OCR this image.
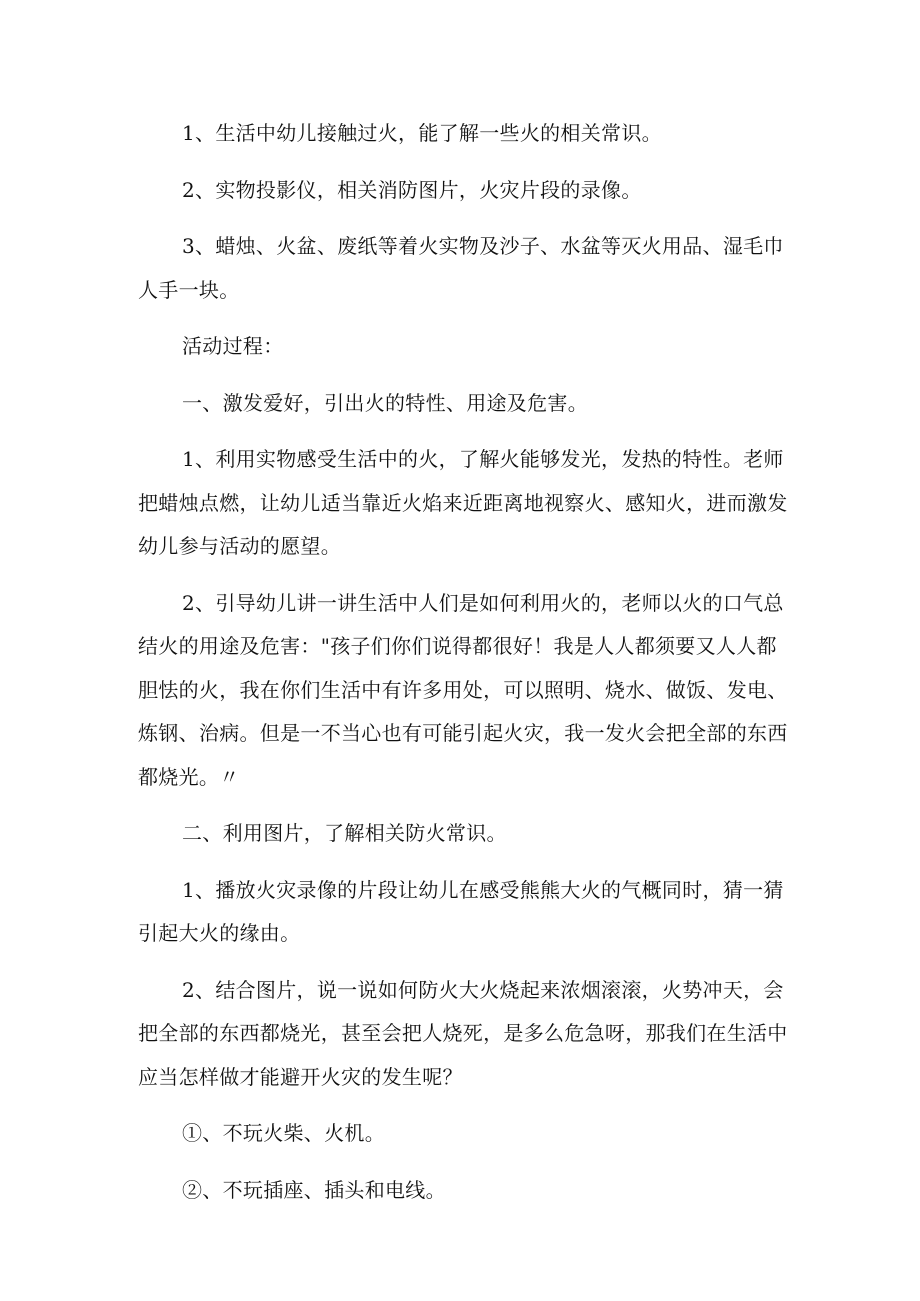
1、生活中幼儿接触过火，能了解一些火的相关常识。

2、实物投影仪，相关消防图片，火灾片段的录像。

3、蜡烛、火盆、废纸等着火实物及沙子、水盆等灭火用品、湿毛巾人手一块。

活动过程：

一、激发爱好，引出火的特性、用途及危害。

1、利用实物感受生活中的火，了解火能够发光，发热的特性。老师把蜡烛点燃，让幼儿适当靠近火焰来近距离地视察火、感知火，进而激发幼儿参与活动的愿望。

2、引导幼儿讲一讲生活中人们是如何利用火的，老师以火的口气总结火的用途及危害："孩子们你们说得都很好！我是人人都须要又人人都胆怯的火，我在你们生活中有许多用处，可以照明、烧水、做饭、发电、炼钢、治病。但是一不当心也有可能引起火灾，我一发火会把全部的东西都烧光。〃

二、利用图片，了解相关防火常识。

1、播放火灾录像的片段让幼儿在感受熊熊大火的气概同时，猜一猜引起大火的缘由。

2、结合图片，说一说如何防火大火烧起来浓烟滚滚，火势冲天，会把全部的东西都烧光，甚至会把人烧死，是多么危急呀，那我们在生活中应当怎样做才能避开火灾的发生呢？

①、不玩火柴、火机。

②、不玩插座、插头和电线。
